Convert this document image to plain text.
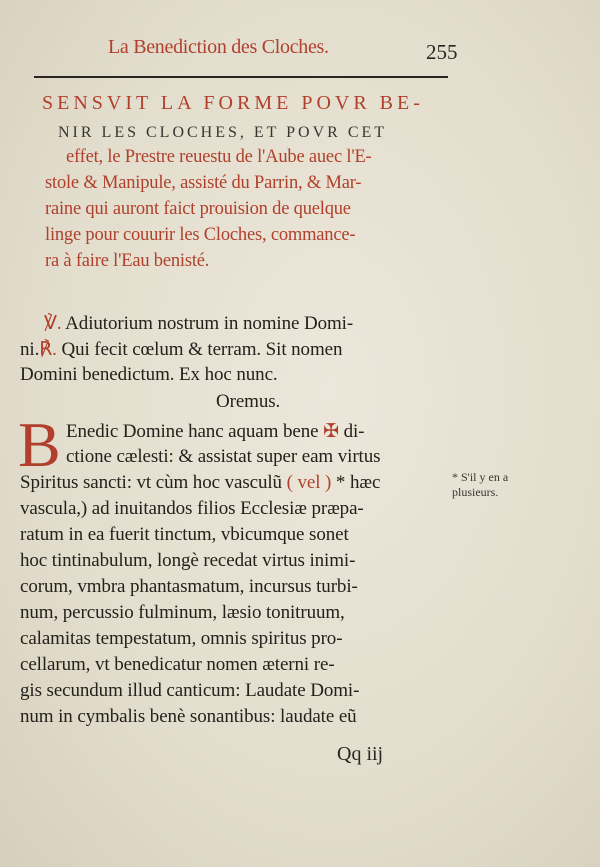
La Benediction des Cloches.	255
SENSVIT LA FORME POVR BE-
NIR LES CLOCHES, ET POVR CET
effet, le Prestre reuestu de l'Aube auec l'E-
stole & Manipule, assisté du Parrin, & Mar-
raine qui auront faict prouision de quelque
linge pour couurir les Cloches, commance-
ra à faire l'Eau benisté.
℣. Adiutorium nostrum in nomine Domi-
ni.℟. Qui fecit cœlum & terram. Sit nomen
Domini benedictum. Ex hoc nunc.
Oremus.
B Enedic Domine hanc aquam bene ✠ di-
ctione cælesti: & assistat super eam virtus
Spiritus sancti: vt cùm hoc vasculũ ( vel ) * hæc
vascula,) ad inuitandos filios Ecclesiæ præpa-
ratum in ea fuerit tinctum, vbicumque sonet
hoc tintinabulum, longè recedat virtus inimi-
corum, vmbra phantasmatum, incursus turbi-
num, percussio fulminum, læsio tonitruum,
calamitas tempestatum, omnis spiritus pro-
cellarum, vt benedicatur nomen æterni re-
gis secundum illud canticum: Laudate Domi-
num in cymbalis benè sonantibus: laudate eũ
* S'il y en a plusieurs.
Qq iij
